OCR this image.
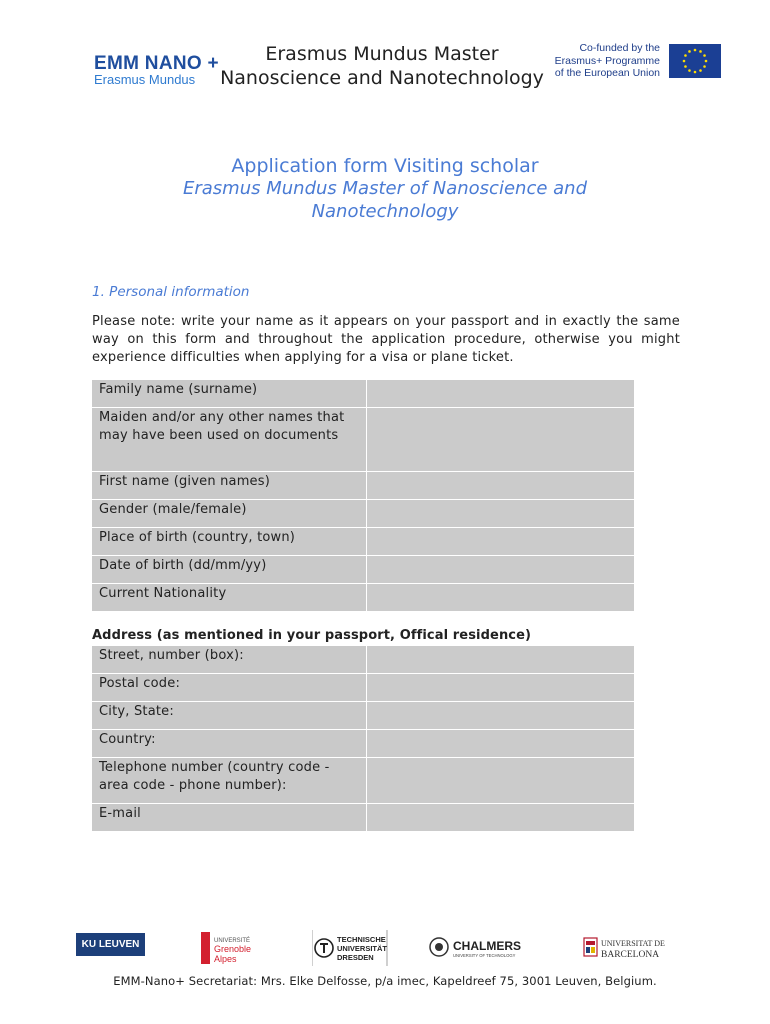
EMM NANO +
Erasmus Mundus
Erasmus Mundus Master
Nanoscience and Nanotechnology
Co-funded by the
Erasmus+ Programme
of the European Union
Application form Visiting scholar
Erasmus Mundus Master of Nanoscience and Nanotechnology
1. Personal information
Please note: write your name as it appears on your passport and in exactly the same way on this form and throughout the application procedure, otherwise you might experience difficulties when applying for a visa or plane ticket.
Family name (surname)	
Maiden and/or any other names that may have been used on documents	
First name (given names)	
Gender (male/female)	
Place of birth (country, town)	
Date of birth (dd/mm/yy)	
Current Nationality	
Address (as mentioned in your passport, Offical residence)
Street, number (box):	
Postal code:	
City, State:	
Country:	
Telephone number (country code - area code - phone number):	
E-mail	
KU LEUVEN	UNIVERSITÉ
Grenoble
Alpes
TECHNISCHE
UNIVERSITÄT
DRESDEN
CHALMERS
UNIVERSITY OF TECHNOLOGY
UNIVERSITAT DE
BARCELONA
EMM-Nano+ Secretariat: Mrs. Elke Delfosse, p/a imec, Kapeldreef 75, 3001 Leuven, Belgium.
